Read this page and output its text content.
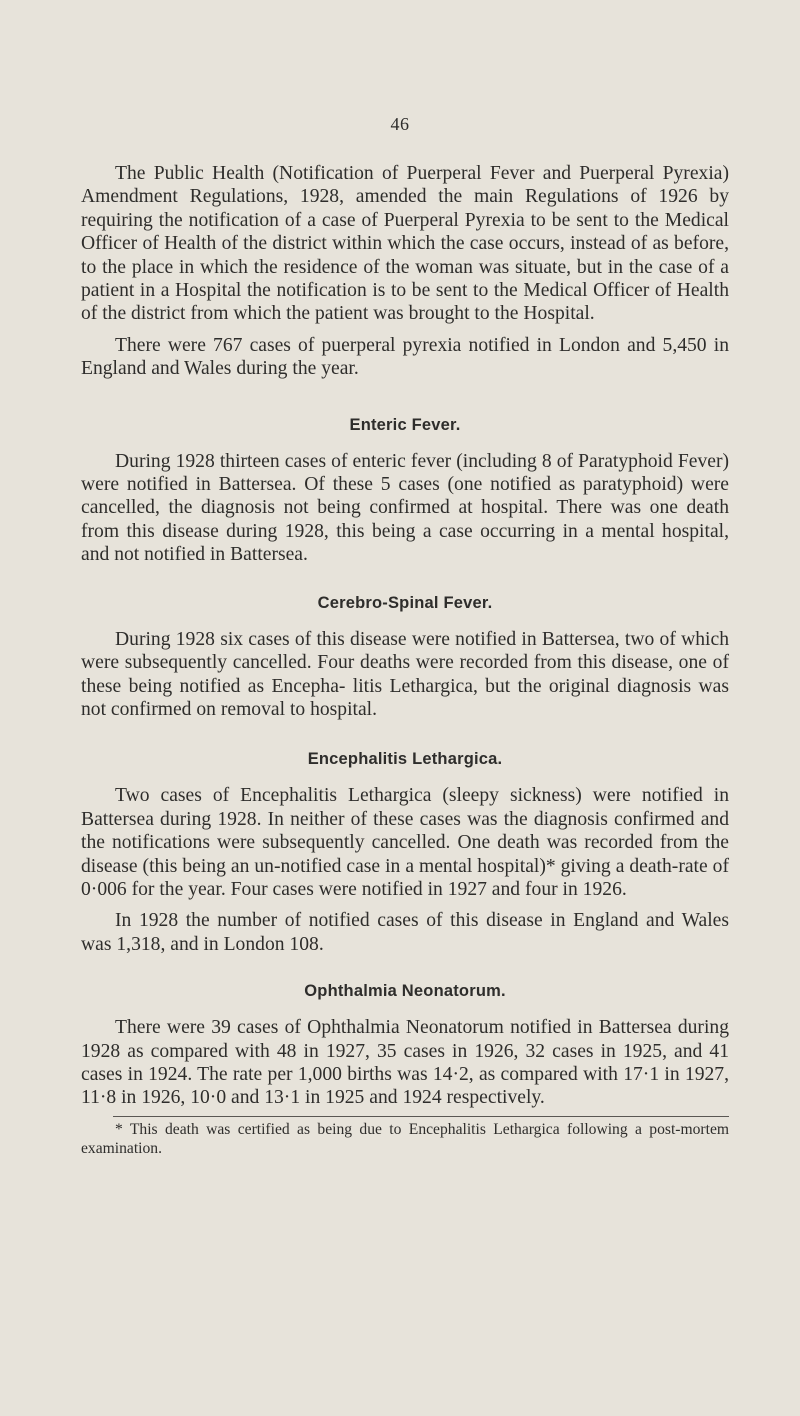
46

The Public Health (Notification of Puerperal Fever and Puerperal Pyrexia) Amendment Regulations, 1928, amended the main Regulations of 1926 by requiring the notification of a case of Puerperal Pyrexia to be sent to the Medical Officer of Health of the district within which the case occurs, instead of as before, to the place in which the residence of the woman was situate, but in the case of a patient in a Hospital the notification is to be sent to the Medical Officer of Health of the district from which the patient was brought to the Hospital.

There were 767 cases of puerperal pyrexia notified in London and 5,450 in England and Wales during the year.

Enteric Fever.

During 1928 thirteen cases of enteric fever (including 8 of Paratyphoid Fever) were notified in Battersea. Of these 5 cases (one notified as paratyphoid) were cancelled, the diagnosis not being confirmed at hospital. There was one death from this disease during 1928, this being a case occurring in a mental hospital, and not notified in Battersea.

Cerebro-Spinal Fever.

During 1928 six cases of this disease were notified in Battersea, two of which were subsequently cancelled. Four deaths were recorded from this disease, one of these being notified as Encepha- litis Lethargica, but the original diagnosis was not confirmed on removal to hospital.

Encephalitis Lethargica.

Two cases of Encephalitis Lethargica (sleepy sickness) were notified in Battersea during 1928. In neither of these cases was the diagnosis confirmed and the notifications were subsequently cancelled. One death was recorded from the disease (this being an un-notified case in a mental hospital)* giving a death-rate of 0·006 for the year. Four cases were notified in 1927 and four in 1926.

In 1928 the number of notified cases of this disease in England and Wales was 1,318, and in London 108.

Ophthalmia Neonatorum.

There were 39 cases of Ophthalmia Neonatorum notified in Battersea during 1928 as compared with 48 in 1927, 35 cases in 1926, 32 cases in 1925, and 41 cases in 1924. The rate per 1,000 births was 14·2, as compared with 17·1 in 1927, 11·8 in 1926, 10·0 and 13·1 in 1925 and 1924 respectively.

* This death was certified as being due to Encephalitis Lethargica following a post-mortem examination.
